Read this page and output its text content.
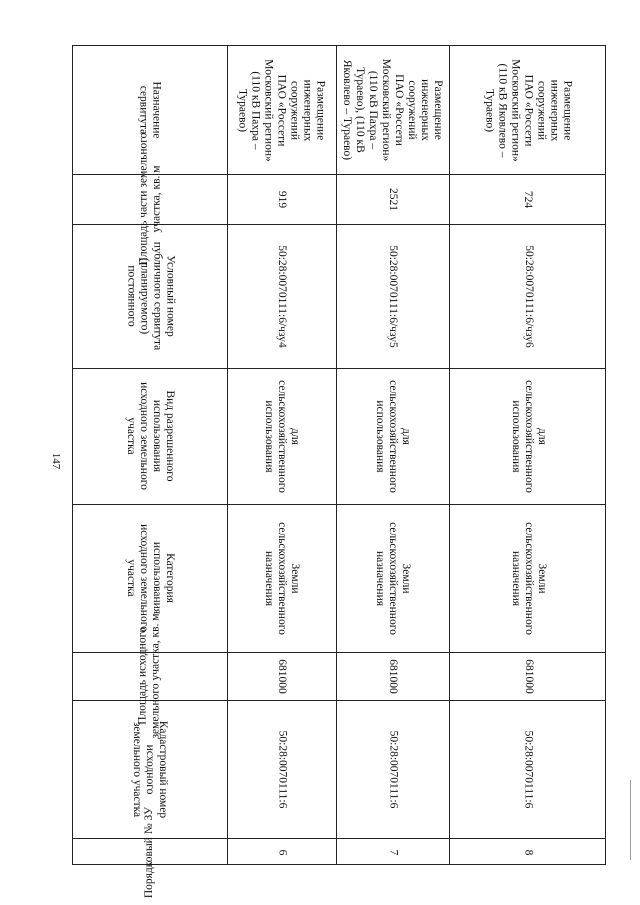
147
Назначение
сервитута
Площадь части земельного
участка, кв. м
Условный номер
публичного сервитута
(планируемого)
постоянного
Вид разрешенного
использования
исходного земельного
участка
Категория
использования
исходного земельного
участка
Площадь исходного
земельного участка, кв. м
Кадастровый номер
исходного
земельного участка
Порядковый № ЗУ
Размещение
инженерных
сооружений
ПАО «Россети
Московский регион»
(110 кВ Пахра –
Тураево)
919
50:28:0070111:6/чзу4
для
сельскохозяйственного
использования
Земли
сельскохозяйственного
назначения
681000
50:28:0070111:6
6
Размещение
инженерных
сооружений
ПАО «Россети
Московский регион»
(110 кВ Пахра –
Тураево), (110 кВ
Яковлево – Тураево)
2521
50:28:0070111:6/чзу5
для
сельскохозяйственного
использования
Земли
сельскохозяйственного
назначения
681000
50:28:0070111:6
7
Размещение
инженерных
сооружений
ПАО «Россети
Московский регион»
(110 кВ Яковлево –
Тураево)
724
50:28:0070111:6/чзу6
для
сельскохозяйственного
использования
Земли
сельскохозяйственного
назначения
681000
50:28:0070111:6
8
